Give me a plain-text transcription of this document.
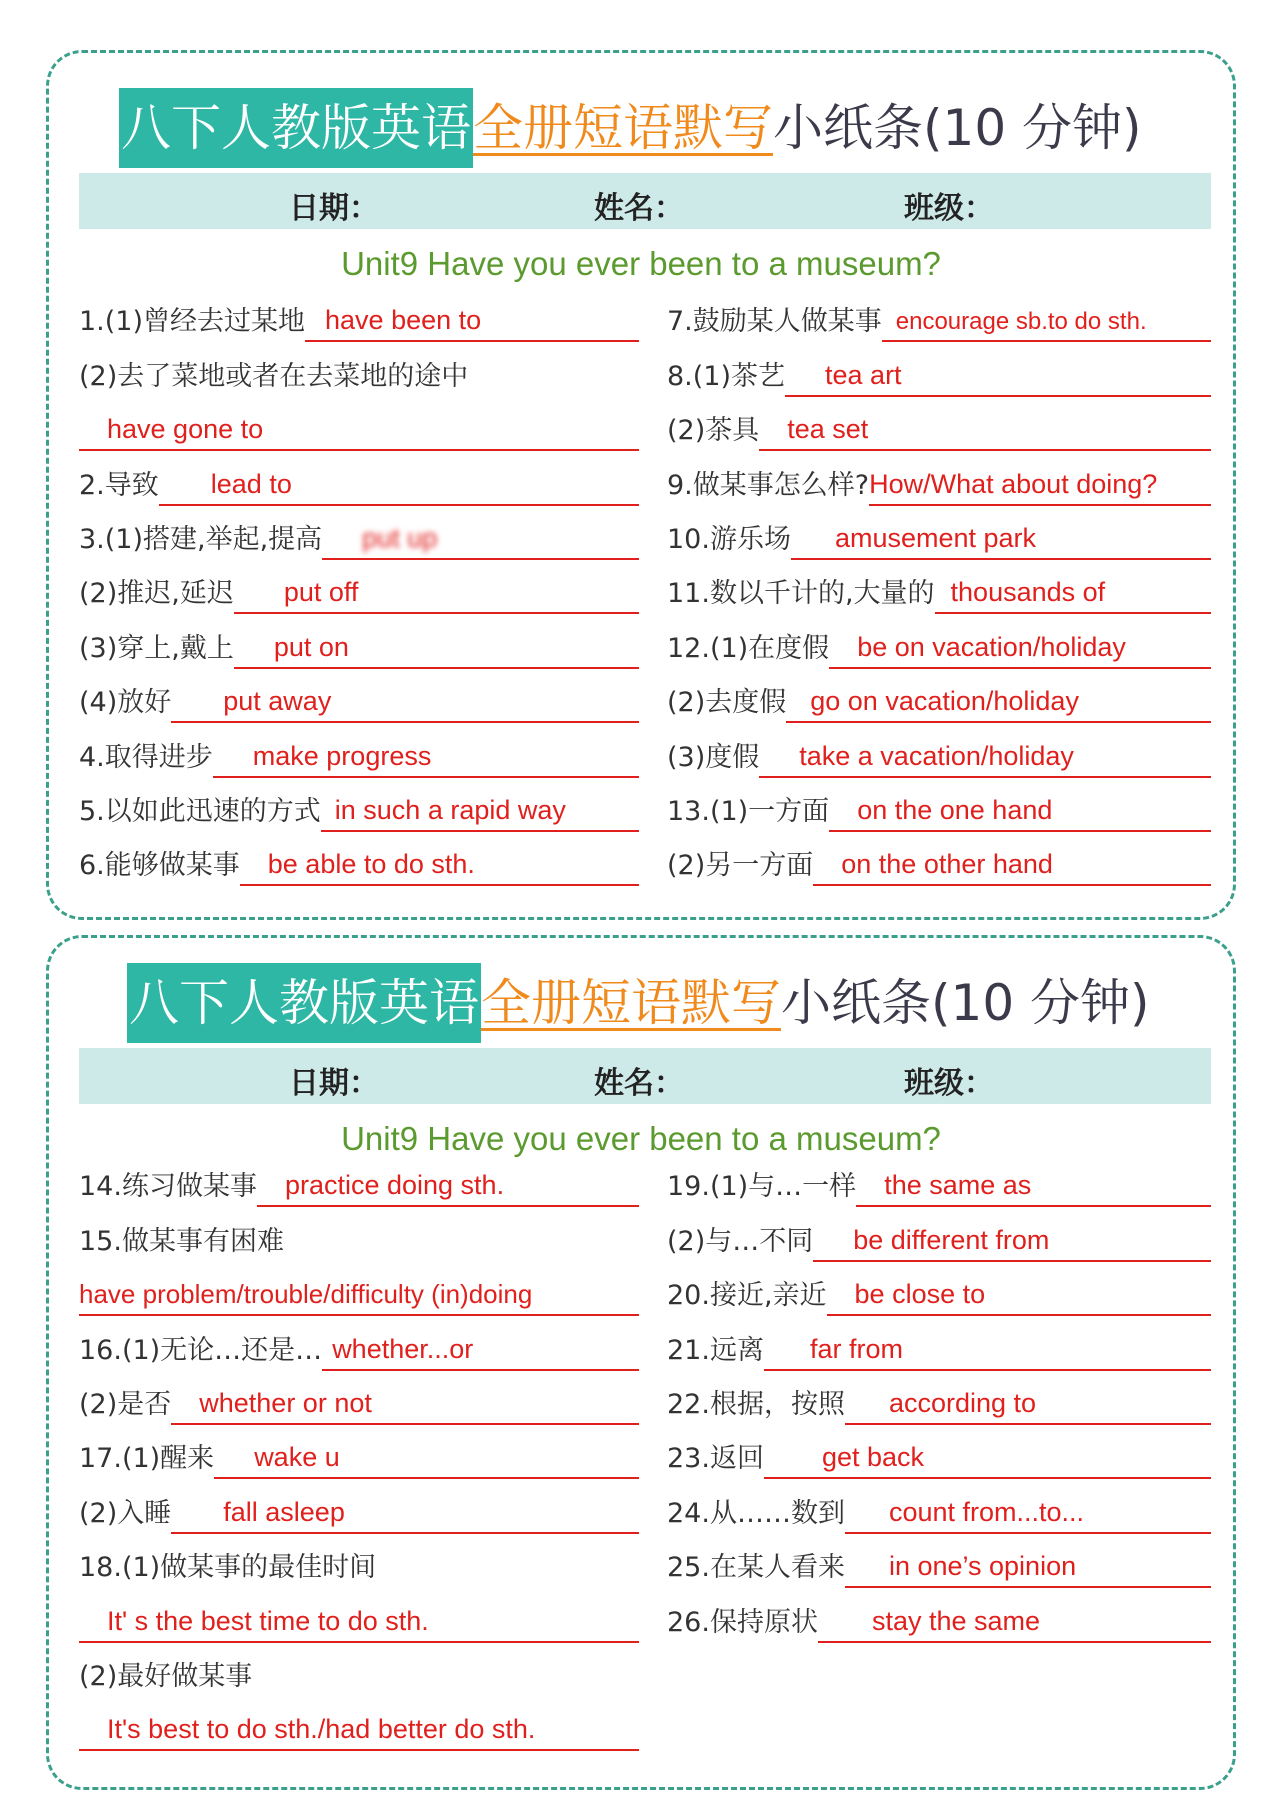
八下人教版英语 全册短语默写 小纸条(10 分钟)
日期：	姓名：	班级：
Unit9 Have you ever been to a museum?
1.(1)曾经去过某地 have been to
(2)去了菜地或者在去菜地的途中
have gone to
2.导致	lead to
3.(1)搭建,举起,提高	put up
(2)推迟,延迟	put off
(3)穿上,戴上	put on
(4)放好	put away
4.取得进步	make progress
5.以如此迅速的方式 in such a rapid way
6.能够做某事	be able to do sth.
7.鼓励某人做某事 encourage sb.to do sth.
8.(1)茶艺	tea art
(2)茶具	tea set
9.做某事怎么样? How/What about doing?
10.游乐场	amusement park
11.数以千计的,大量的 thousands of
12.(1)在度假	be on vacation/holiday
(2)去度假 go on vacation/holiday
(3)度假	take a vacation/holiday
13.(1)一方面	on the one hand
(2)另一方面	on the other hand
八下人教版英语 全册短语默写 小纸条(10 分钟)
日期：	姓名：	班级：
Unit9 Have you ever been to a museum?
14.练习做某事	practice doing sth.
15.做某事有困难
have problem/trouble/difficulty (in)doing
16.(1)无论…还是… whether...or
(2)是否	whether or not
17.(1)醒来	wake u
(2)入睡	fall asleep
18.(1)做某事的最佳时间
It' s the best time to do sth.
(2)最好做某事
It's best to do sth./had better do sth.
19.(1)与…一样	the same as
(2)与…不同	be different from
20.接近,亲近	be close to
21.远离	far from
22.根据，按照	according to
23.返回	get back
24.从……数到	count from...to...
25.在某人看来	in one’s opinion
26.保持原状	stay the same
